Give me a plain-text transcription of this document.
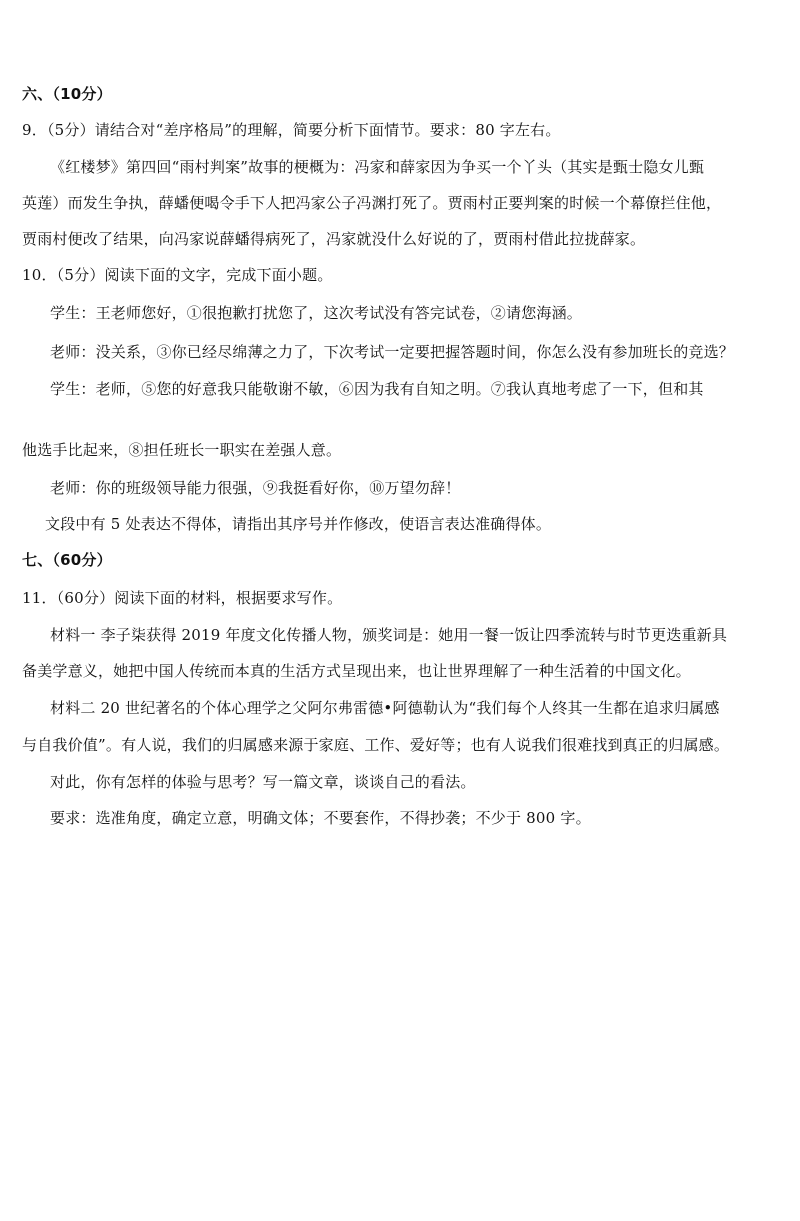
六、（10分）
9．（5分）请结合对“差序格局”的理解，简要分析下面情节。要求：80 字左右。
《红楼梦》第四回“雨村判案”故事的梗概为：冯家和薛家因为争买一个丫头（其实是甄士隐女儿甄
英莲）而发生争执，薛蟠便喝令手下人把冯家公子冯渊打死了。贾雨村正要判案的时候一个幕僚拦住他，
贾雨村便改了结果，向冯家说薛蟠得病死了，冯家就没什么好说的了，贾雨村借此拉拢薛家。
10．（5分）阅读下面的文字，完成下面小题。
学生：王老师您好，①很抱歉打扰您了，这次考试没有答完试卷，②请您海涵。
老师：没关系，③你已经尽绵薄之力了，下次考试一定要把握答题时间，你怎么没有参加班长的竞选？
学生：老师，⑤您的好意我只能敬谢不敏，⑥因为我有自知之明。⑦我认真地考虑了一下，但和其
他选手比起来，⑧担任班长一职实在差强人意。
老师：你的班级领导能力很强，⑨我挺看好你，⑩万望勿辞！
文段中有 5 处表达不得体，请指出其序号并作修改，使语言表达准确得体。
七、（60分）
11．（60分）阅读下面的材料，根据要求写作。
材料一 李子柒获得 2019 年度文化传播人物，颁奖词是：她用一餐一饭让四季流转与时节更迭重新具
备美学意义，她把中国人传统而本真的生活方式呈现出来，也让世界理解了一种生活着的中国文化。
材料二 20 世纪著名的个体心理学之父阿尔弗雷德•阿德勒认为“我们每个人终其一生都在追求归属感
与自我价值”。有人说，我们的归属感来源于家庭、工作、爱好等；也有人说我们很难找到真正的归属感。
对此，你有怎样的体验与思考？写一篇文章，谈谈自己的看法。
要求：选准角度，确定立意，明确文体；不要套作，不得抄袭；不少于 800 字。
